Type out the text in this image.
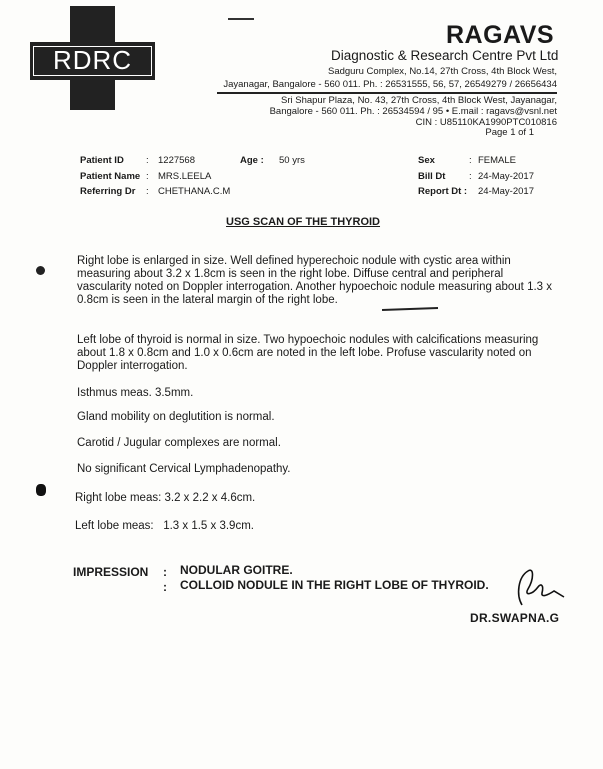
RDRC
RAGAVS
Diagnostic & Research Centre Pvt Ltd
Sadguru Complex, No.14, 27th Cross, 4th Block West,
Jayanagar, Bangalore - 560 011. Ph. : 26531555, 56, 57, 26549279 / 26656434
Sri Shapur Plaza, No. 43, 27th Cross, 4th Block West, Jayanagar,
Bangalore - 560 011. Ph. : 26534594 / 95 • E.mail : ragavs@vsnl.net
CIN : U85110KA1990PTC010816
Page 1 of 1
Patient ID : 1227568	Age : 50 yrs
Patient Name : MRS.LEELA
Referring Dr : CHETHANA.C.M
Sex	: FEMALE
Bill Dt : 24-May-2017
Report Dt : 24-May-2017
USG SCAN OF THE THYROID
Right lobe is enlarged in size. Well defined hyperechoic nodule with cystic area within measuring about 3.2 x 1.8cm is seen in the right lobe. Diffuse central and peripheral vascularity noted on Doppler interrogation. Another hypoechoic nodule measuring about 1.3 x 0.8cm is seen in the lateral margin of the right lobe.
Left lobe of thyroid is normal in size. Two hypoechoic nodules with calcifications measuring about 1.8 x 0.8cm and 1.0 x 0.6cm are noted in the left lobe. Profuse vascularity noted on Doppler interrogation.
Isthmus meas. 3.5mm.
Gland mobility on deglutition is normal.
Carotid / Jugular complexes are normal.
No significant Cervical Lymphadenopathy.
Right lobe meas: 3.2 x 2.2 x 4.6cm.
Left lobe meas:   1.3 x 1.5 x 3.9cm.
IMPRESSION :
:
NODULAR GOITRE.
COLLOID NODULE IN THE RIGHT LOBE OF THYROID.
DR.SWAPNA.G
